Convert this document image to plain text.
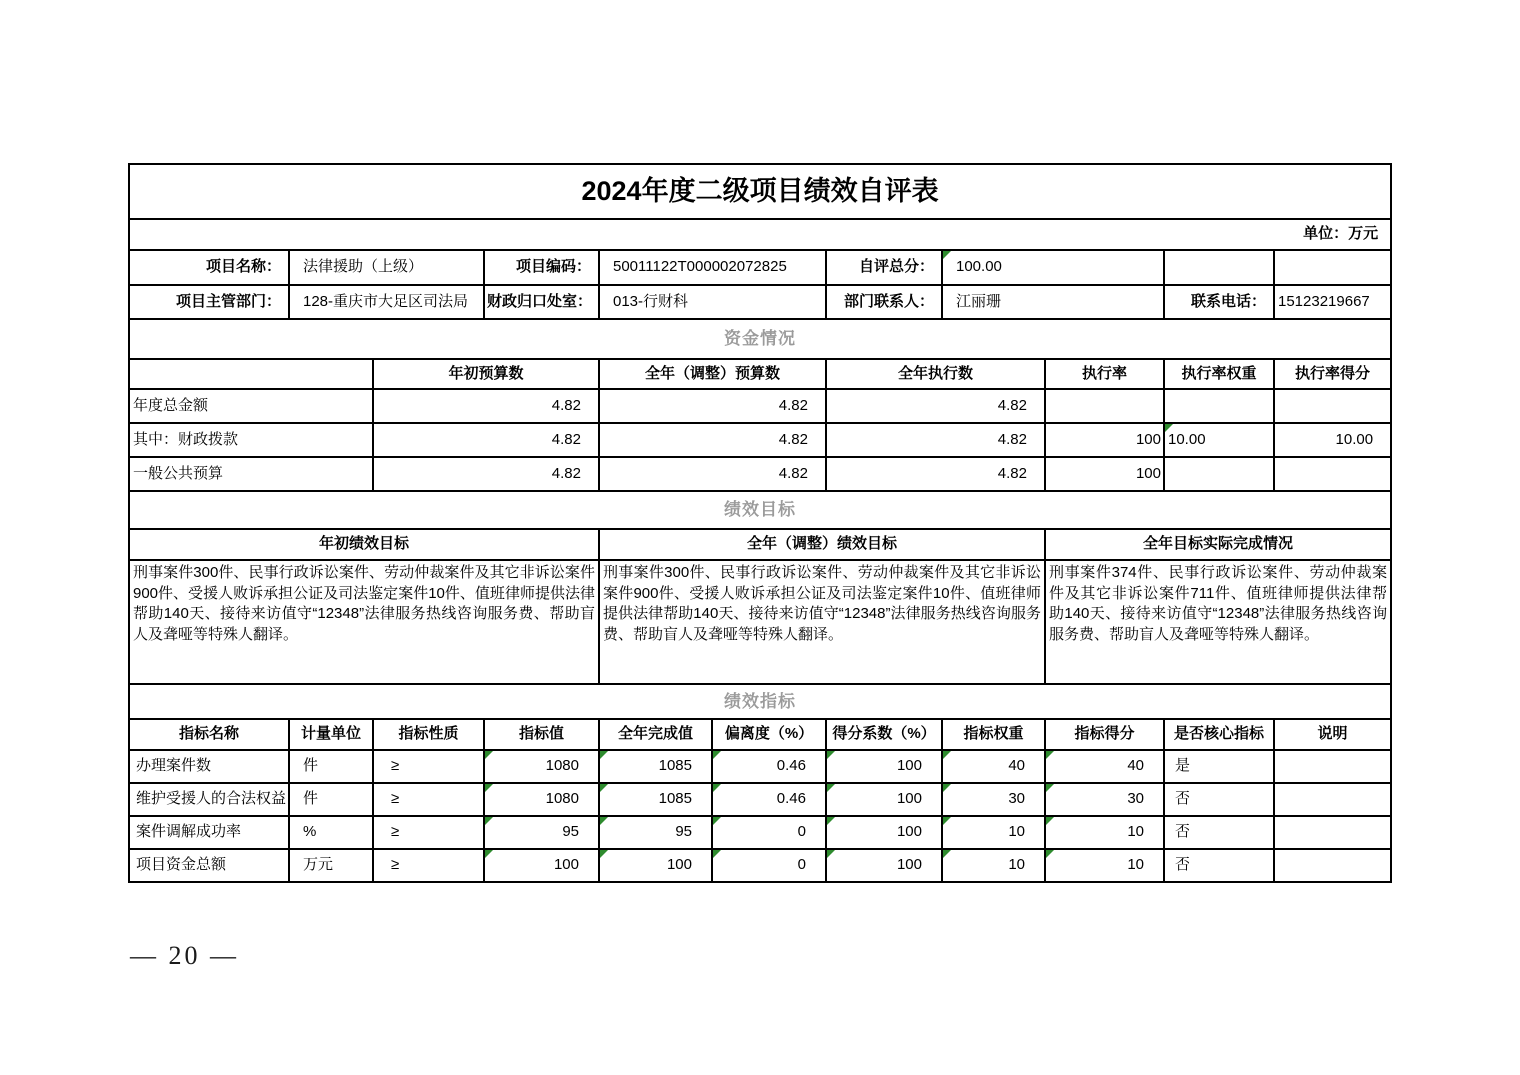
2024年度二级项目绩效自评表										
单位：万元										
项目名称：	法律援助（上级）		项目编码：	50011122T000002072825		自评总分：	100.00			
项目主管部门：	128-重庆市大足区司法局		财政归口处室：	013-行财科		部门联系人：	江丽珊		联系电话：	15123219667
资金情况										
		年初预算数		全年（调整）预算数		全年执行数		执行率	执行率权重	执行率得分
年度总金额		4.82		4.82		4.82				
其中：财政拨款		4.82		4.82		4.82		100	10.00	10.00
一般公共预算		4.82		4.82		4.82		100		
绩效目标										
年初绩效目标				全年（调整）绩效目标				全年目标实际完成情况		
刑事案件300件、民事行政诉讼案件、劳动仲裁案件及其它非诉讼案件900件、受援人败诉承担公证及司法鉴定案件10件、值班律师提供法律帮助140天、接待来访值守“12348”法律服务热线咨询服务费、帮助盲人及聋哑等特殊人翻译。				刑事案件300件、民事行政诉讼案件、劳动仲裁案件及其它非诉讼案件900件、受援人败诉承担公证及司法鉴定案件10件、值班律师提供法律帮助140天、接待来访值守“12348”法律服务热线咨询服务费、帮助盲人及聋哑等特殊人翻译。				刑事案件374件、民事行政诉讼案件、劳动仲裁案件及其它非诉讼案件711件、值班律师提供法律帮助140天、接待来访值守“12348”法律服务热线咨询服务费、帮助盲人及聋哑等特殊人翻译。		
绩效指标										
指标名称	计量单位	指标性质	指标值	全年完成值	偏离度（%）	得分系数（%）	指标权重	指标得分	是否核心指标	说明
办理案件数	件	≥	1080	1085	0.46	100	40	40	是	
维护受援人的合法权益	件	≥	1080	1085	0.46	100	30	30	否	
案件调解成功率	%	≥	95	95	0	100	10	10	否	
项目资金总额	万元	≥	100	100	0	100	10	10	否	
— 20 —
